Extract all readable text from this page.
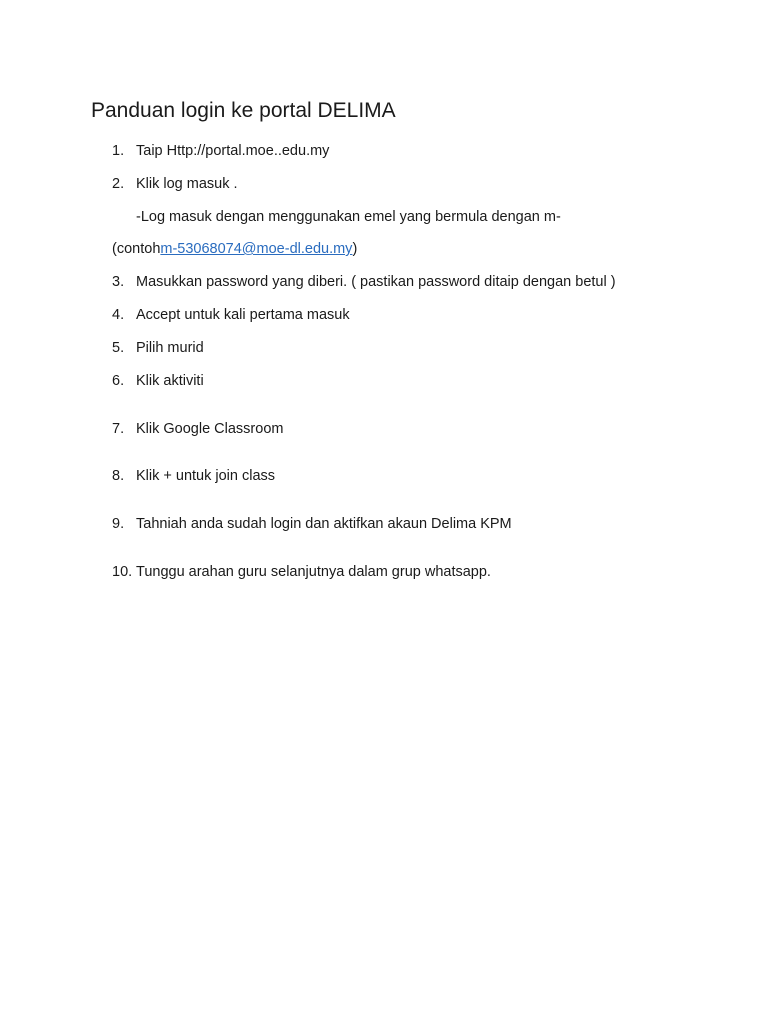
Panduan login ke portal DELIMA
1. Taip Http://portal.moe..edu.my
2. Klik log masuk .
-Log masuk dengan menggunakan emel yang bermula dengan m-
(contohm-53068074@moe-dl.edu.my)
3. Masukkan password yang diberi. ( pastikan password ditaip dengan betul )
4. Accept untuk kali pertama masuk
5. Pilih murid
6. Klik aktiviti
7. Klik Google Classroom
8. Klik + untuk join class
9. Tahniah anda sudah login dan aktifkan akaun Delima KPM
10. Tunggu arahan guru selanjutnya dalam grup whatsapp.
